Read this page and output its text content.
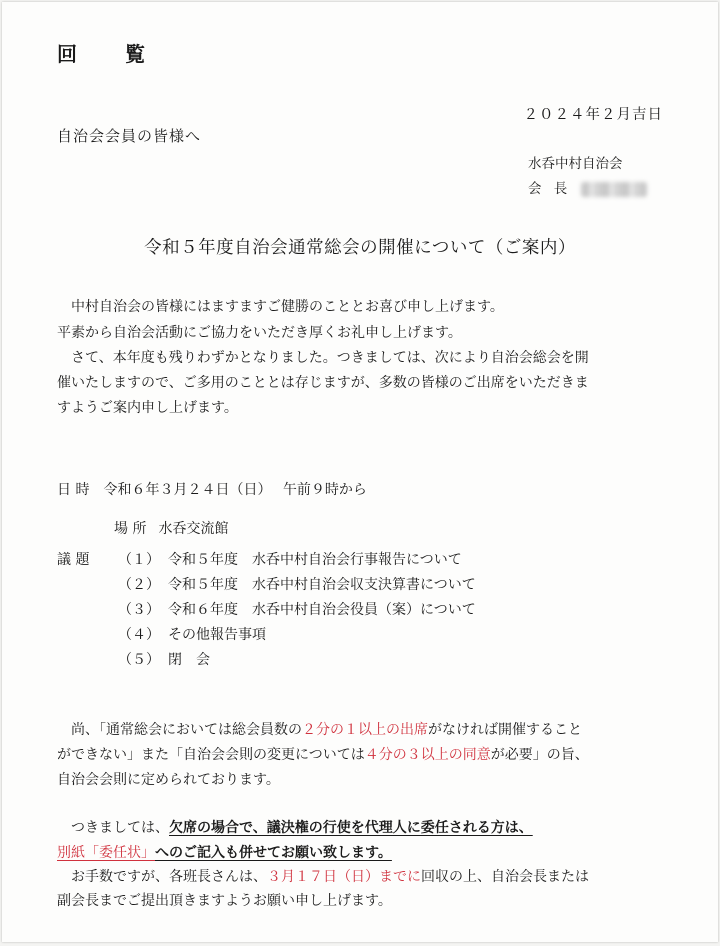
回　覧
２０２４年２月吉日
自治会会員の皆様へ
水呑中村自治会
会 長
令和５年度自治会通常総会の開催について（ご案内）
　中村自治会の皆様にはますますご健勝のこととお喜び申し上げます。
平素から自治会活動にご協力をいただき厚くお礼申し上げます。
　さて、本年度も残りわずかとなりました。つきましては、次により自治会総会を開
催いたしますので、ご多用のこととは存じますが、多数の皆様のご出席をいただきま
すようご案内申し上げます。
日 時 令和６年３月２４日（日）　 午前９時から
場 所 水呑交流館
議 題 （１） 令和５年度　水呑中村自治会行事報告について
（２） 令和５年度　水呑中村自治会収支決算書について
（３） 令和６年度　水呑中村自治会役員（案）について
（４） その他報告事項
（５） 閉　会
　尚、「通常総会においては総会員数の２分の１以上の出席がなければ開催すること
ができない」また「自治会会則の変更については４分の３以上の同意が必要」の旨、
自治会会則に定められております。
　つきましては、欠席の場合で、議決権の行使を代理人に委任される方は、
別紙「委任状」へのご記入も併せてお願い致します。
　お手数ですが、各班長さんは、３月１７日（日）までに回収の上、自治会長または
副会長までご提出頂きますようお願い申し上げます。
